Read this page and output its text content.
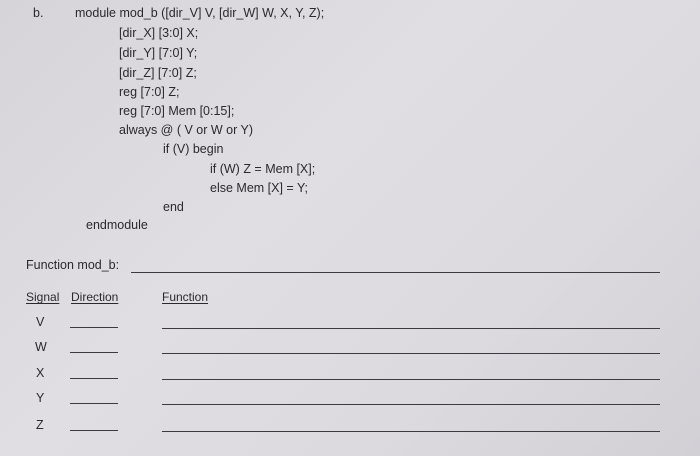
b.	module mod_b ([dir_V] V, [dir_W] W, X, Y, Z);
[dir_X] [3:0] X;
[dir_Y] [7:0] Y;
[dir_Z] [7:0] Z;
reg [7:0] Z;
reg [7:0] Mem [0:15];
always @ ( V or W or Y)
if (V) begin
if (W) Z = Mem [X];
else Mem [X] = Y;
end
endmodule
Function mod_b:
Signal Direction	Function
V
W
X
Y
Z
